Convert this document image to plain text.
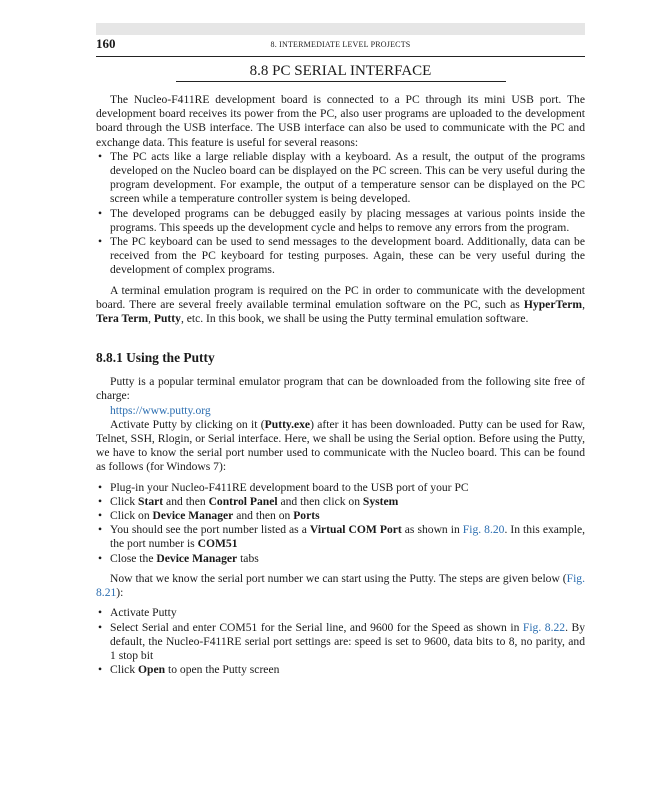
160	8. INTERMEDIATE LEVEL PROJECTS
8.8 PC SERIAL INTERFACE

The Nucleo-F411RE development board is connected to a PC through its mini USB port. The development board receives its power from the PC, also user programs are uploaded to the development board through the USB interface. The USB interface can also be used to communicate with the PC and exchange data. This feature is useful for several reasons:

• The PC acts like a large reliable display with a keyboard. As a result, the output of the programs developed on the Nucleo board can be displayed on the PC screen. This can be very useful during the program development. For example, the output of a temperature sensor can be displayed on the PC screen while a temperature controller system is being developed.
• The developed programs can be debugged easily by placing messages at various points inside the programs. This speeds up the development cycle and helps to remove any errors from the program.
• The PC keyboard can be used to send messages to the development board. Additionally, data can be received from the PC keyboard for testing purposes. Again, these can be very useful during the development of complex programs.

A terminal emulation program is required on the PC in order to communicate with the development board. There are several freely available terminal emulation software on the PC, such as HyperTerm, Tera Term, Putty, etc. In this book, we shall be using the Putty terminal emulation software.

8.8.1 Using the Putty

Putty is a popular terminal emulator program that can be downloaded from the following site free of charge:

https://www.putty.org

Activate Putty by clicking on it (Putty.exe) after it has been downloaded. Putty can be used for Raw, Telnet, SSH, Rlogin, or Serial interface. Here, we shall be using the Serial option. Before using the Putty, we have to know the serial port number used to communicate with the Nucleo board. This can be found as follows (for Windows 7):

• Plug-in your Nucleo-F411RE development board to the USB port of your PC
• Click Start and then Control Panel and then click on System
• Click on Device Manager and then on Ports
• You should see the port number listed as a Virtual COM Port as shown in Fig. 8.20. In this example, the port number is COM51
• Close the Device Manager tabs

Now that we know the serial port number we can start using the Putty. The steps are given below (Fig. 8.21):

• Activate Putty
• Select Serial and enter COM51 for the Serial line, and 9600 for the Speed as shown in Fig. 8.22. By default, the Nucleo-F411RE serial port settings are: speed is set to 9600, data bits to 8, no parity, and 1 stop bit
• Click Open to open the Putty screen
